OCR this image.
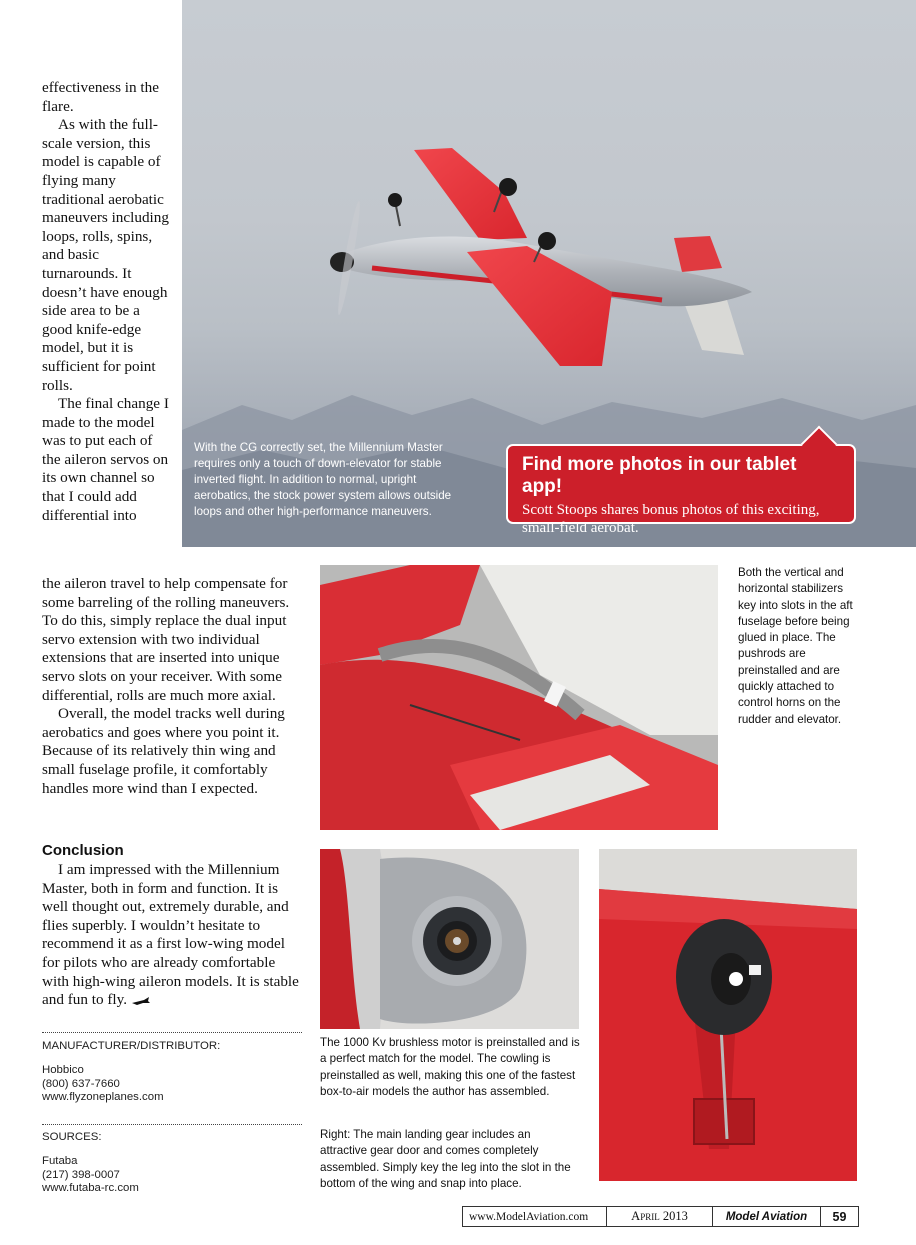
effectiveness in the flare.

As with the full-scale version, this model is capable of flying many traditional aerobatic maneuvers including loops, rolls, spins, and basic turnarounds. It doesn’t have enough side area to be a good knife-edge model, but it is sufficient for point rolls.

The final change I made to the model was to put each of the aileron servos on its own channel so that I could add differential into

With the CG correctly set, the Millennium Master requires only a touch of down-elevator for stable inverted flight. In addition to normal, upright aerobatics, the stock power system allows outside loops and other high-performance maneuvers.
Find more photos in our tablet app!
Scott Stoops shares bonus photos of this exciting, small-field aerobat.

the aileron travel to help compensate for some barreling of the rolling maneuvers. To do this, simply replace the dual input servo extension with two individual extensions that are inserted into unique servo slots on your receiver. With some differential, rolls are much more axial.

Overall, the model tracks well during aerobatics and goes where you point it. Because of its relatively thin wing and small fuselage profile, it comfortably handles more wind than I expected.

Conclusion

I am impressed with the Millennium Master, both in form and function. It is well thought out, extremely durable, and flies superbly. I wouldn’t hesitate to recommend it as a first low-wing model for pilots who are already comfortable with high-wing aileron models. It is stable and fun to fly.

Both the vertical and horizontal stabilizers key into slots in the aft fuselage before being glued in place. The pushrods are preinstalled and are quickly attached to control horns on the rudder and elevator.
The 1000 Kv brushless motor is preinstalled and is a perfect match for the model. The cowling is preinstalled as well, making this one of the fastest box-to-air models the author has assembled.
Right: The main landing gear includes an attractive gear door and comes completely assembled. Simply key the leg into the slot in the bottom of the wing and snap into place.
MANUFACTURER/DISTRIBUTOR:
Hobbico
(800) 637-7660
www.flyzoneplanes.com
SOURCES:
Futaba
(217) 398-0007
www.futaba-rc.com
www.ModelAviation.com	April 2013	Model Aviation	59
